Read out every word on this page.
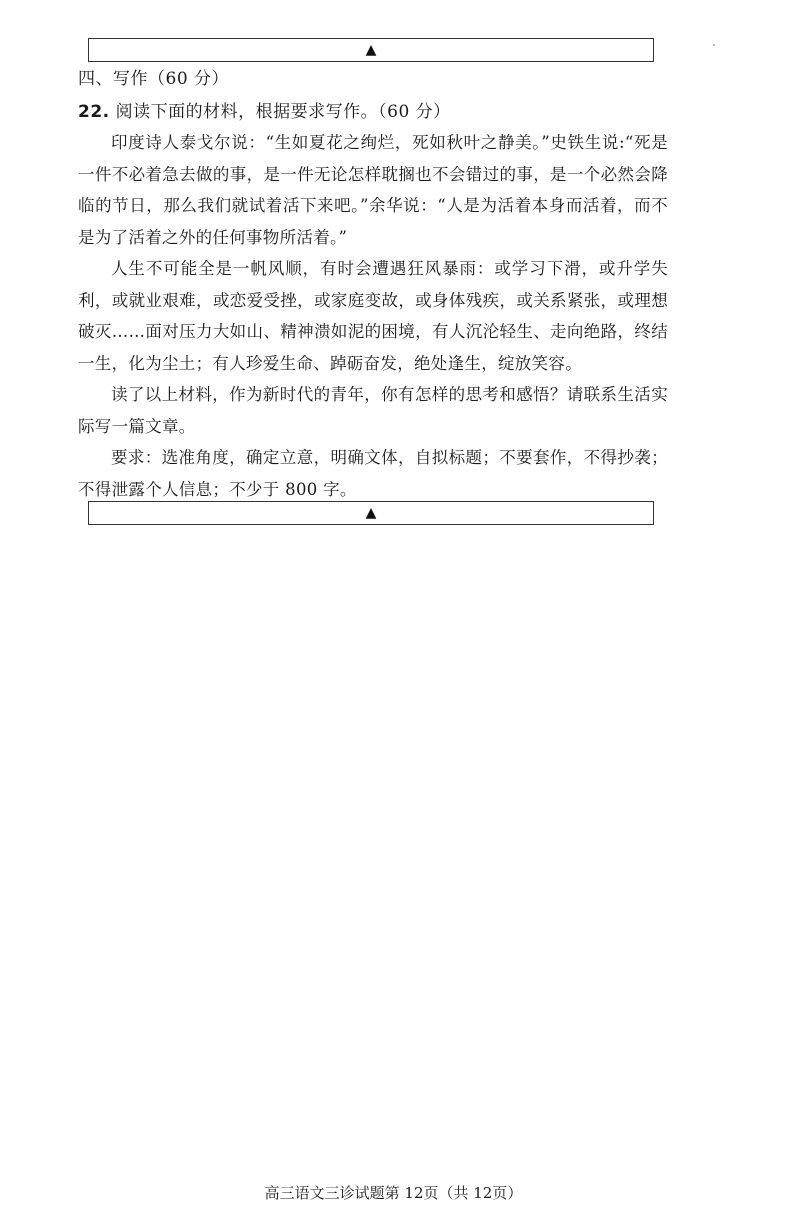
▲
四、写作（60 分）
22. 阅读下面的材料，根据要求写作。（60 分）

印度诗人泰戈尔说：“生如夏花之绚烂，死如秋叶之静美。”史铁生说:“死是一件不必着急去做的事，是一件无论怎样耽搁也不会错过的事，是一个必然会降临的节日，那么我们就试着活下来吧。”余华说：“人是为活着本身而活着，而不是为了活着之外的任何事物所活着。”

人生不可能全是一帆风顺，有时会遭遇狂风暴雨：或学习下滑，或升学失利，或就业艰难，或恋爱受挫，或家庭变故，或身体残疾，或关系紧张，或理想破灭……面对压力大如山、精神溃如泥的困境，有人沉沦轻生、走向绝路，终结一生，化为尘土；有人珍爱生命、踔砺奋发，绝处逢生，绽放笑容。

读了以上材料，作为新时代的青年，你有怎样的思考和感悟？请联系生活实际写一篇文章。

要求：选准角度，确定立意，明确文体，自拟标题；不要套作，不得抄袭；不得泄露个人信息；不少于 800 字。

▲
高三语文三诊试题第 12页（共 12页）
